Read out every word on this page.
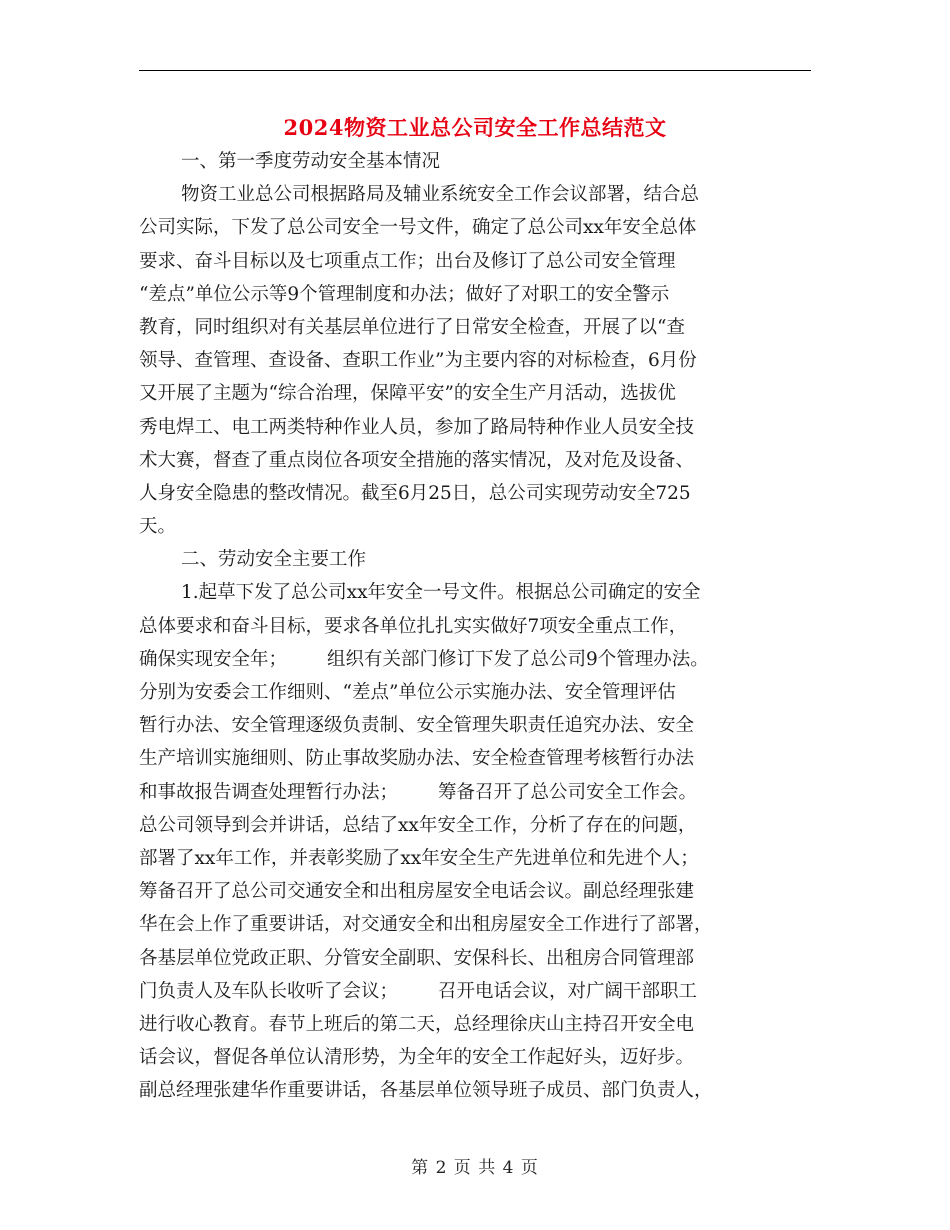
2024物资工业总公司安全工作总结范文
一、第一季度劳动安全基本情况
物资工业总公司根据路局及辅业系统安全工作会议部署，结合总
公司实际，下发了总公司安全一号文件，确定了总公司xx年安全总体
要求、奋斗目标以及七项重点工作；出台及修订了总公司安全管理
“差点”单位公示等9个管理制度和办法；做好了对职工的安全警示
教育，同时组织对有关基层单位进行了日常安全检查，开展了以“查
领导、查管理、查设备、查职工作业”为主要内容的对标检查，6月份
又开展了主题为“综合治理，保障平安”的安全生产月活动，选拔优
秀电焊工、电工两类特种作业人员，参加了路局特种作业人员安全技
术大赛，督查了重点岗位各项安全措施的落实情况，及对危及设备、
人身安全隐患的整改情况。截至6月25日，总公司实现劳动安全725
天。
二、劳动安全主要工作
1.起草下发了总公司xx年安全一号文件。根据总公司确定的安全
总体要求和奋斗目标，要求各单位扎扎实实做好7项安全重点工作，
确保实现安全年； 组织有关部门修订下发了总公司9个管理办法。
分别为安委会工作细则、“差点”单位公示实施办法、安全管理评估
暂行办法、安全管理逐级负责制、安全管理失职责任追究办法、安全
生产培训实施细则、防止事故奖励办法、安全检查管理考核暂行办法
和事故报告调查处理暂行办法； 筹备召开了总公司安全工作会。
总公司领导到会并讲话，总结了xx年安全工作，分析了存在的问题，
部署了xx年工作，并表彰奖励了xx年安全生产先进单位和先进个人；
筹备召开了总公司交通安全和出租房屋安全电话会议。副总经理张建
华在会上作了重要讲话，对交通安全和出租房屋安全工作进行了部署，
各基层单位党政正职、分管安全副职、安保科长、出租房合同管理部
门负责人及车队长收听了会议； 召开电话会议，对广阔干部职工
进行收心教育。春节上班后的第二天，总经理徐庆山主持召开安全电
话会议，督促各单位认清形势，为全年的安全工作起好头，迈好步。
副总经理张建华作重要讲话，各基层单位领导班子成员、部门负责人，
第 2 页 共 4 页
